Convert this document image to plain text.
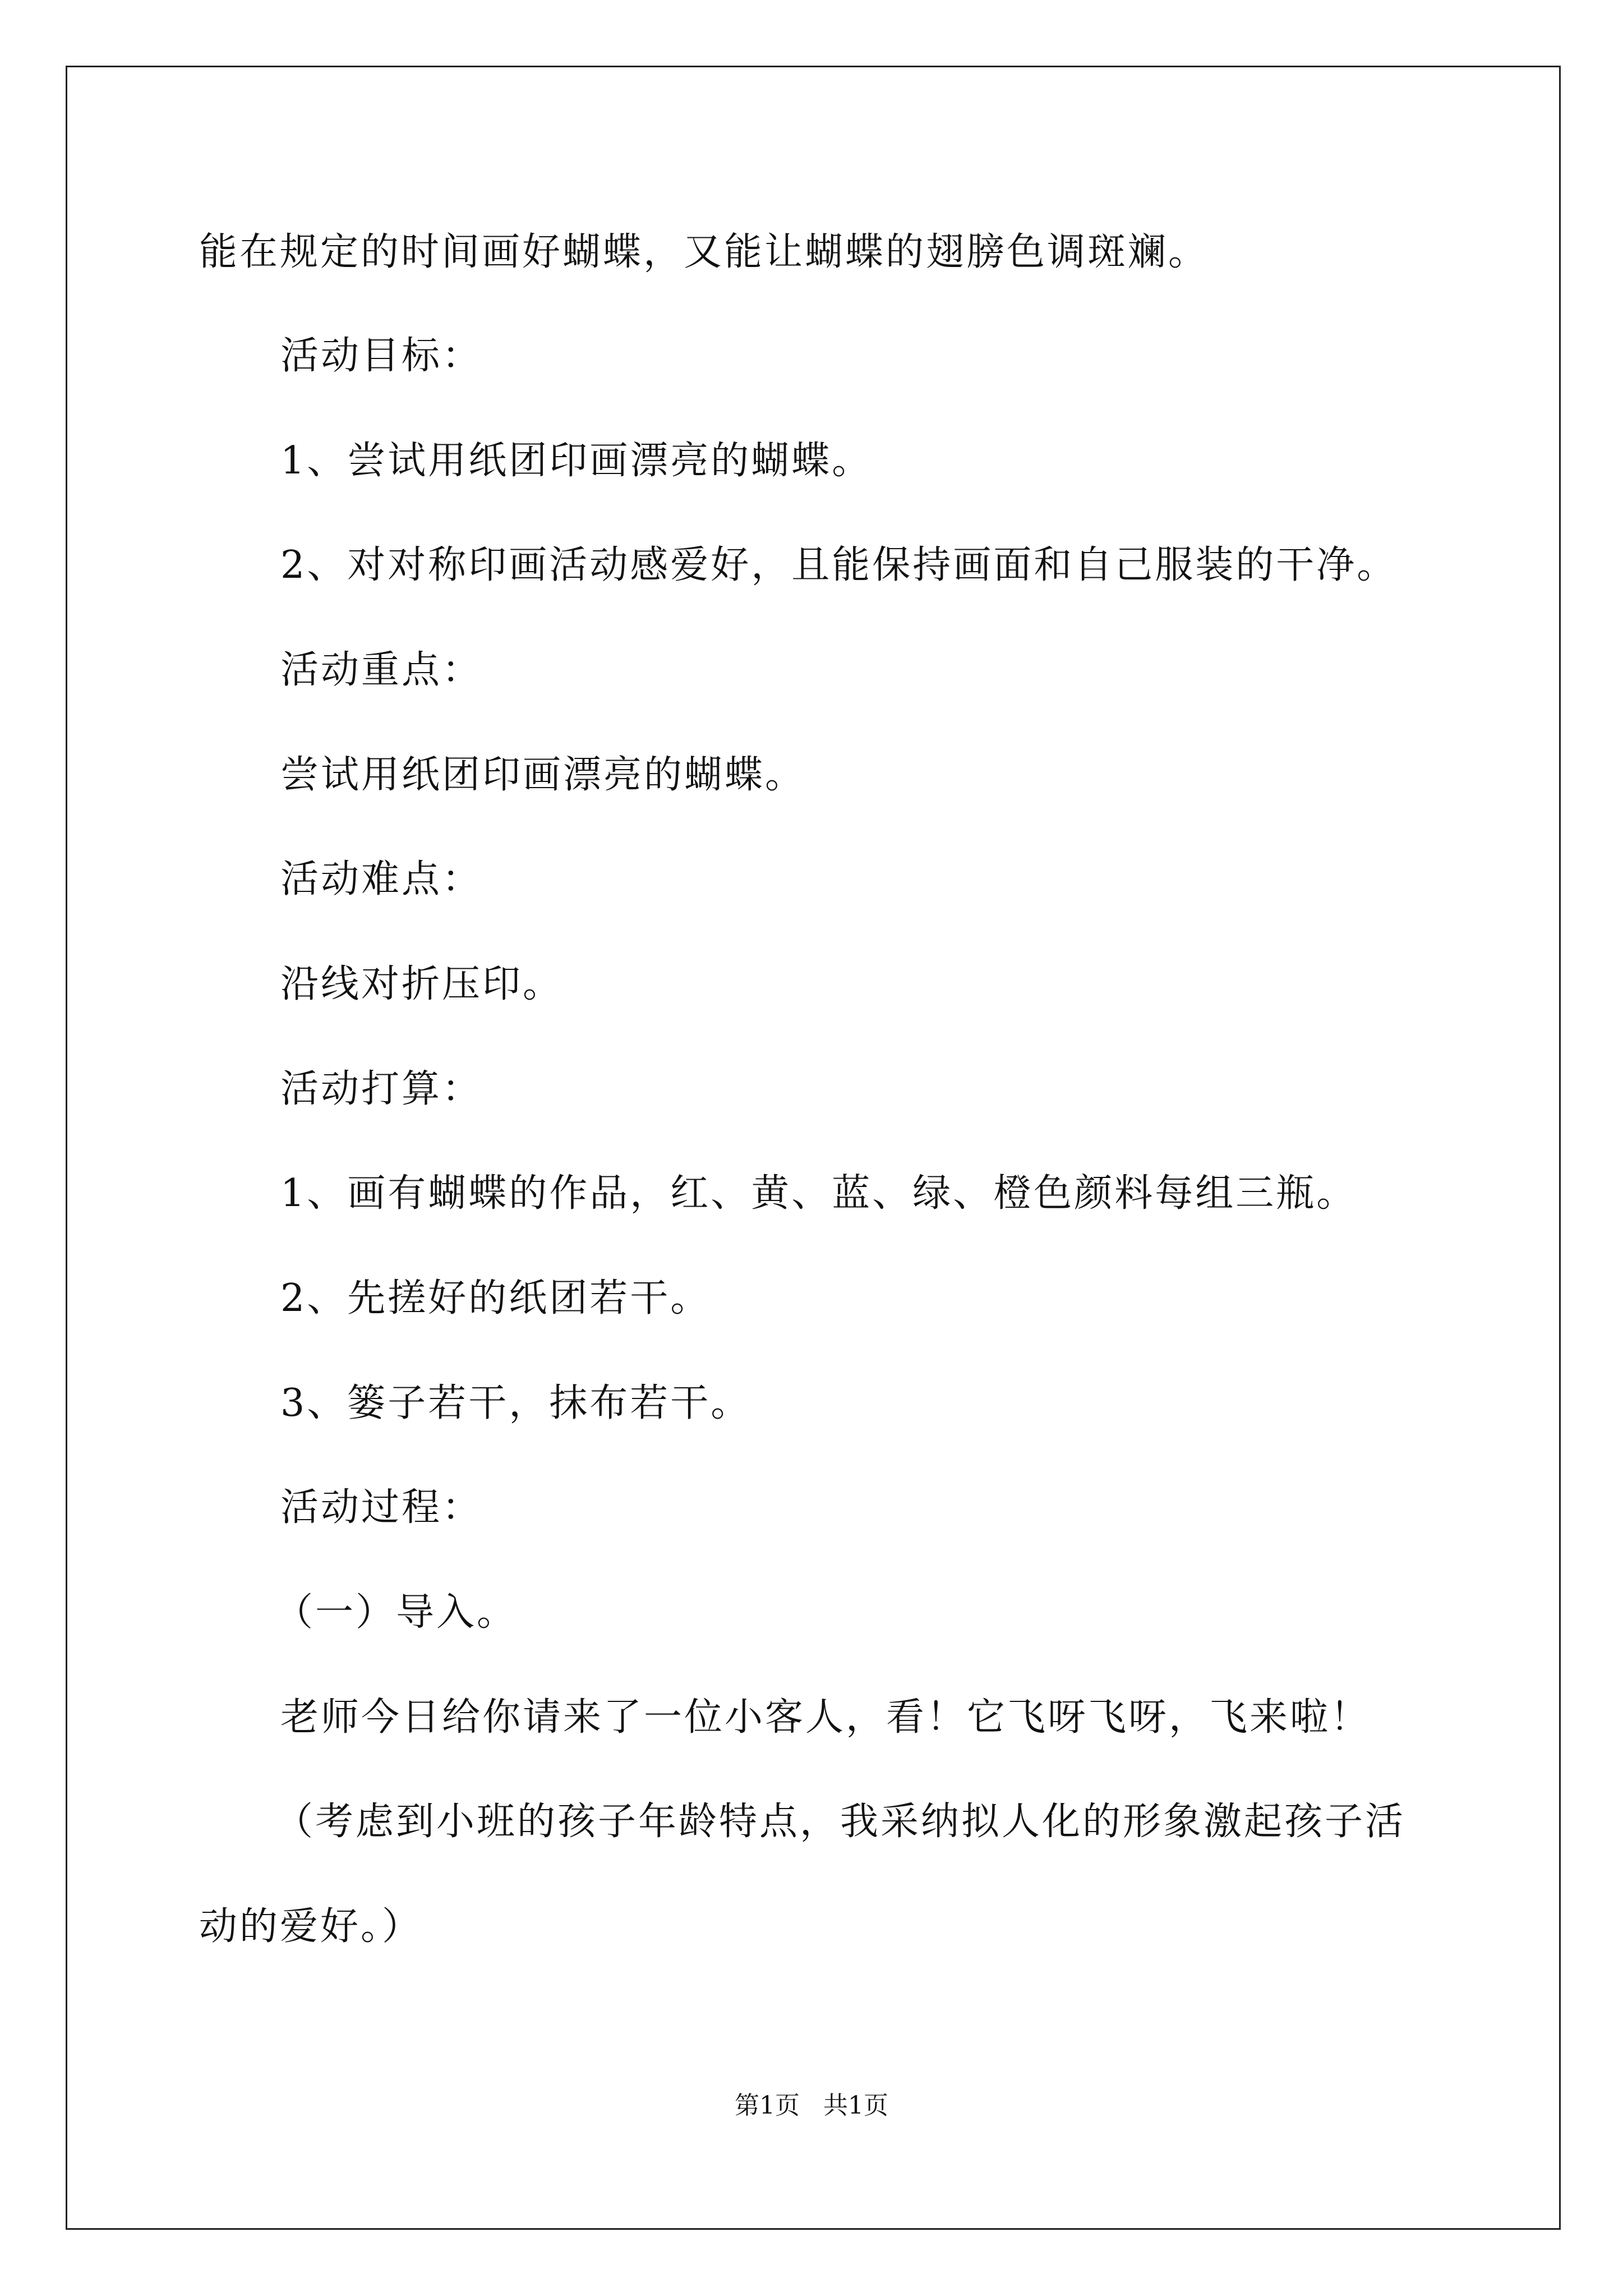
能在规定的时间画好蝴蝶，又能让蝴蝶的翅膀色调斑斓。
活动目标：
1、尝试用纸团印画漂亮的蝴蝶。
2、对对称印画活动感爱好，且能保持画面和自己服装的干净。
活动重点：
尝试用纸团印画漂亮的蝴蝶。
活动难点：
沿线对折压印。
活动打算：
1、画有蝴蝶的作品，红、黄、蓝、绿、橙色颜料每组三瓶。
2、先搓好的纸团若干。
3、篓子若干，抹布若干。
活动过程：
（一）导入。
老师今日给你请来了一位小客人，看！它飞呀飞呀，飞来啦！
（考虑到小班的孩子年龄特点，我采纳拟人化的形象激起孩子活
动的爱好。）
第1页   共1页
